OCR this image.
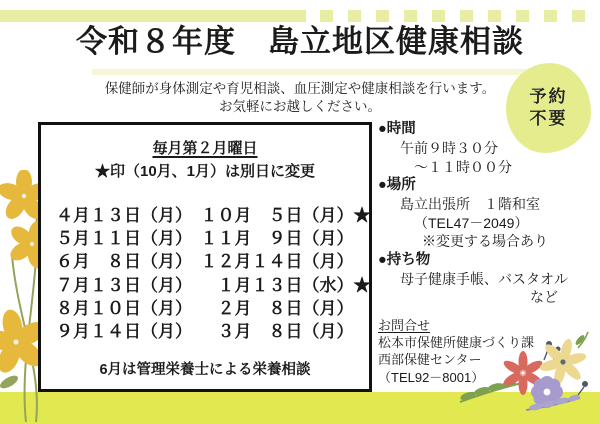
令和８年度　島立地区健康相談

保健師が身体測定や育児相談、血圧測定や健康相談を行います。

お気軽にお越しください。

予約
不要
毎月第２月曜日
★印（10月、1月）は別日に変更
４月１３日（月）　１０月　５日（月）★
５月１１日（月）　１１月　９日（月）
６月　８日（月）　１２月１４日（月）
７月１３日（月）　　１月１３日（水）★
８月１０日（月）　　２月　８日（月）
９月１４日（月）　　３月　８日（月）
6月は管理栄養士による栄養相談
●時間
午前９時３０分
～１１時００分
●場所
島立出張所　１階和室
（TEL47－2049）
※変更する場合あり
●持ち物
母子健康手帳、バスタオル
など
お問合せ
松本市保健所健康づくり課
西部保健センター
（TEL92－8001）
